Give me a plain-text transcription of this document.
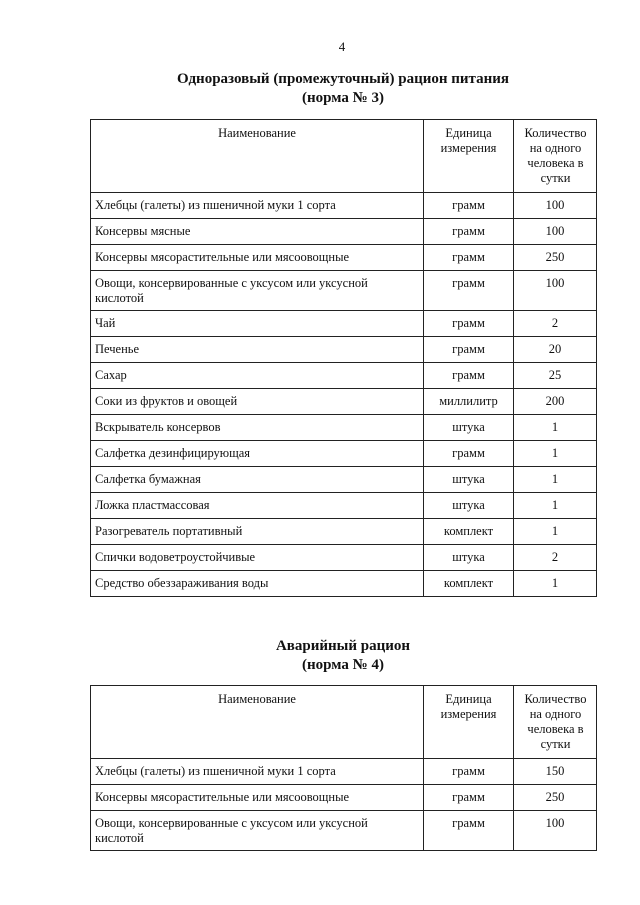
4
Одноразовый (промежуточный) рацион питания
(норма № 3)
Наименование	Единица измерения	Количество на одного человека в сутки

Хлебцы (галеты) из пшеничной муки 1 сорта	грамм	100
Консервы мясные	грамм	100
Консервы мясорастительные или мясоовощные	грамм	250
Овощи, консервированные с уксусом или уксусной кислотой	грамм	100
Чай	грамм	2
Печенье	грамм	20
Сахар	грамм	25
Соки из фруктов и овощей	миллилитр	200
Вскрыватель консервов	штука	1
Салфетка дезинфицирующая	грамм	1
Салфетка бумажная	штука	1
Ложка пластмассовая	штука	1
Разогреватель портативный	комплект	1
Спички водоветроустойчивые	штука	2
Средство обеззараживания воды	комплект	1
Аварийный рацион
(норма № 4)
Наименование	Единица измерения	Количество на одного человека в сутки

Хлебцы (галеты) из пшеничной муки 1 сорта	грамм	150
Консервы мясорастительные или мясоовощные	грамм	250
Овощи, консервированные с уксусом или уксусной кислотой	грамм	100
